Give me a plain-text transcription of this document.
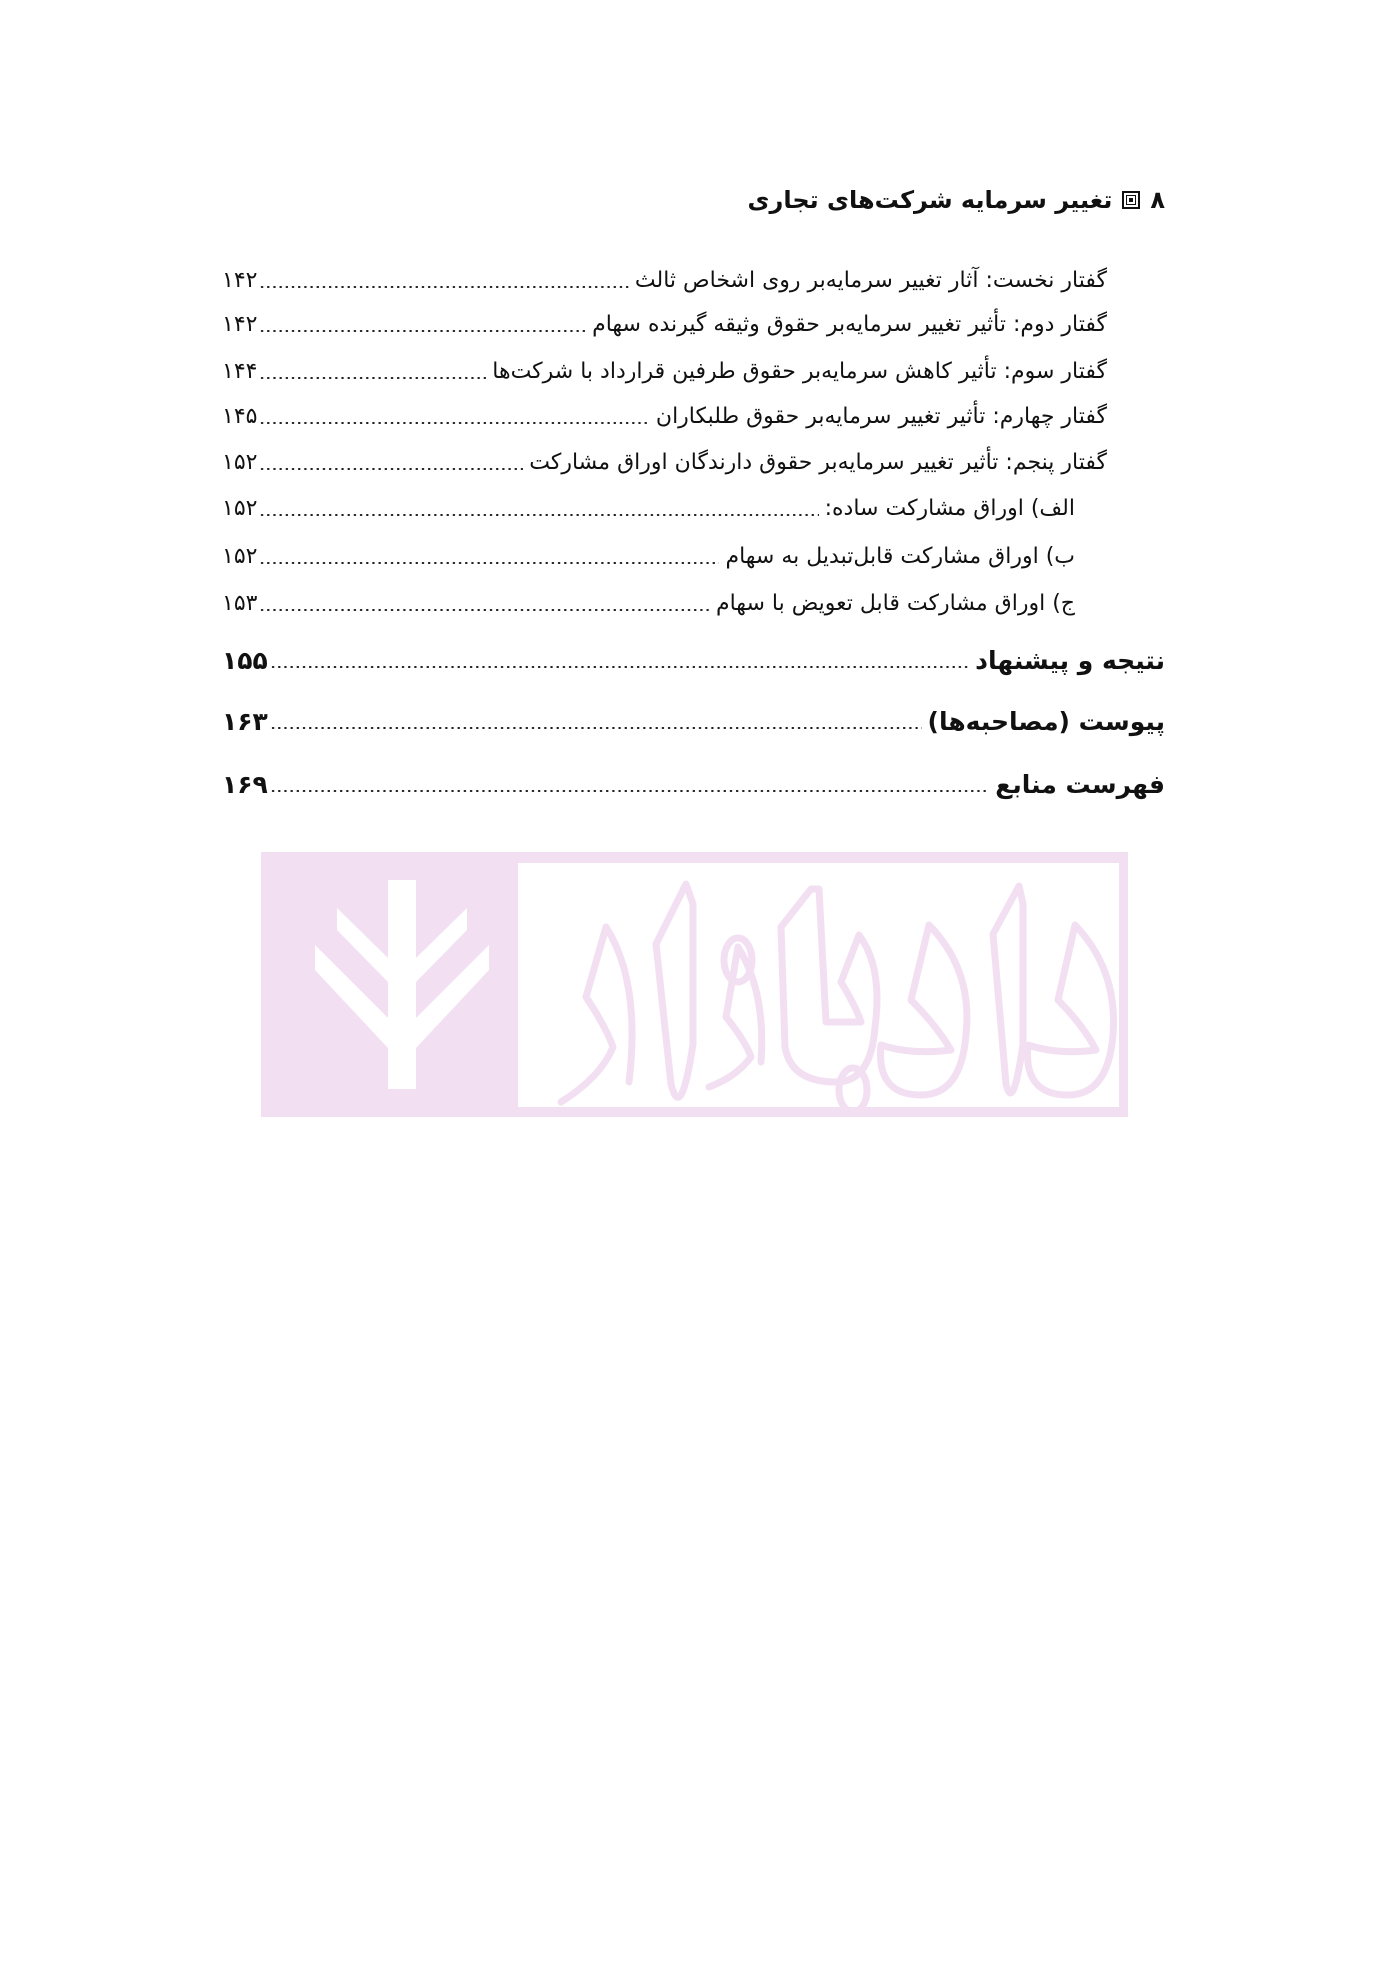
۸
تغییر سرمایه شرکت‌های تجاری
گفتار نخست: آثار تغییر سرمایه‌بر روی اشخاص ثالث
۱۴۲
گفتار دوم: تأثیر تغییر سرمایه‌بر حقوق وثیقه گیرنده سهام
۱۴۲
گفتار سوم: تأثیر کاهش سرمایه‌بر حقوق طرفین قرارداد با شرکت‌ها
۱۴۴
گفتار چهارم: تأثیر تغییر سرمایه‌بر حقوق طلبکاران
۱۴۵
گفتار پنجم: تأثیر تغییر سرمایه‌بر حقوق دارندگان اوراق مشارکت
۱۵۲
الف) اوراق مشارکت ساده:
۱۵۲
ب) اوراق مشارکت قابل‌تبدیل به سهام
۱۵۲
ج) اوراق مشارکت قابل تعویض با سهام
۱۵۳
نتیجه و پیشنهاد
۱۵۵
پیوست (مصاحبه‌ها)
۱۶۳
فهرست منابع
۱۶۹
